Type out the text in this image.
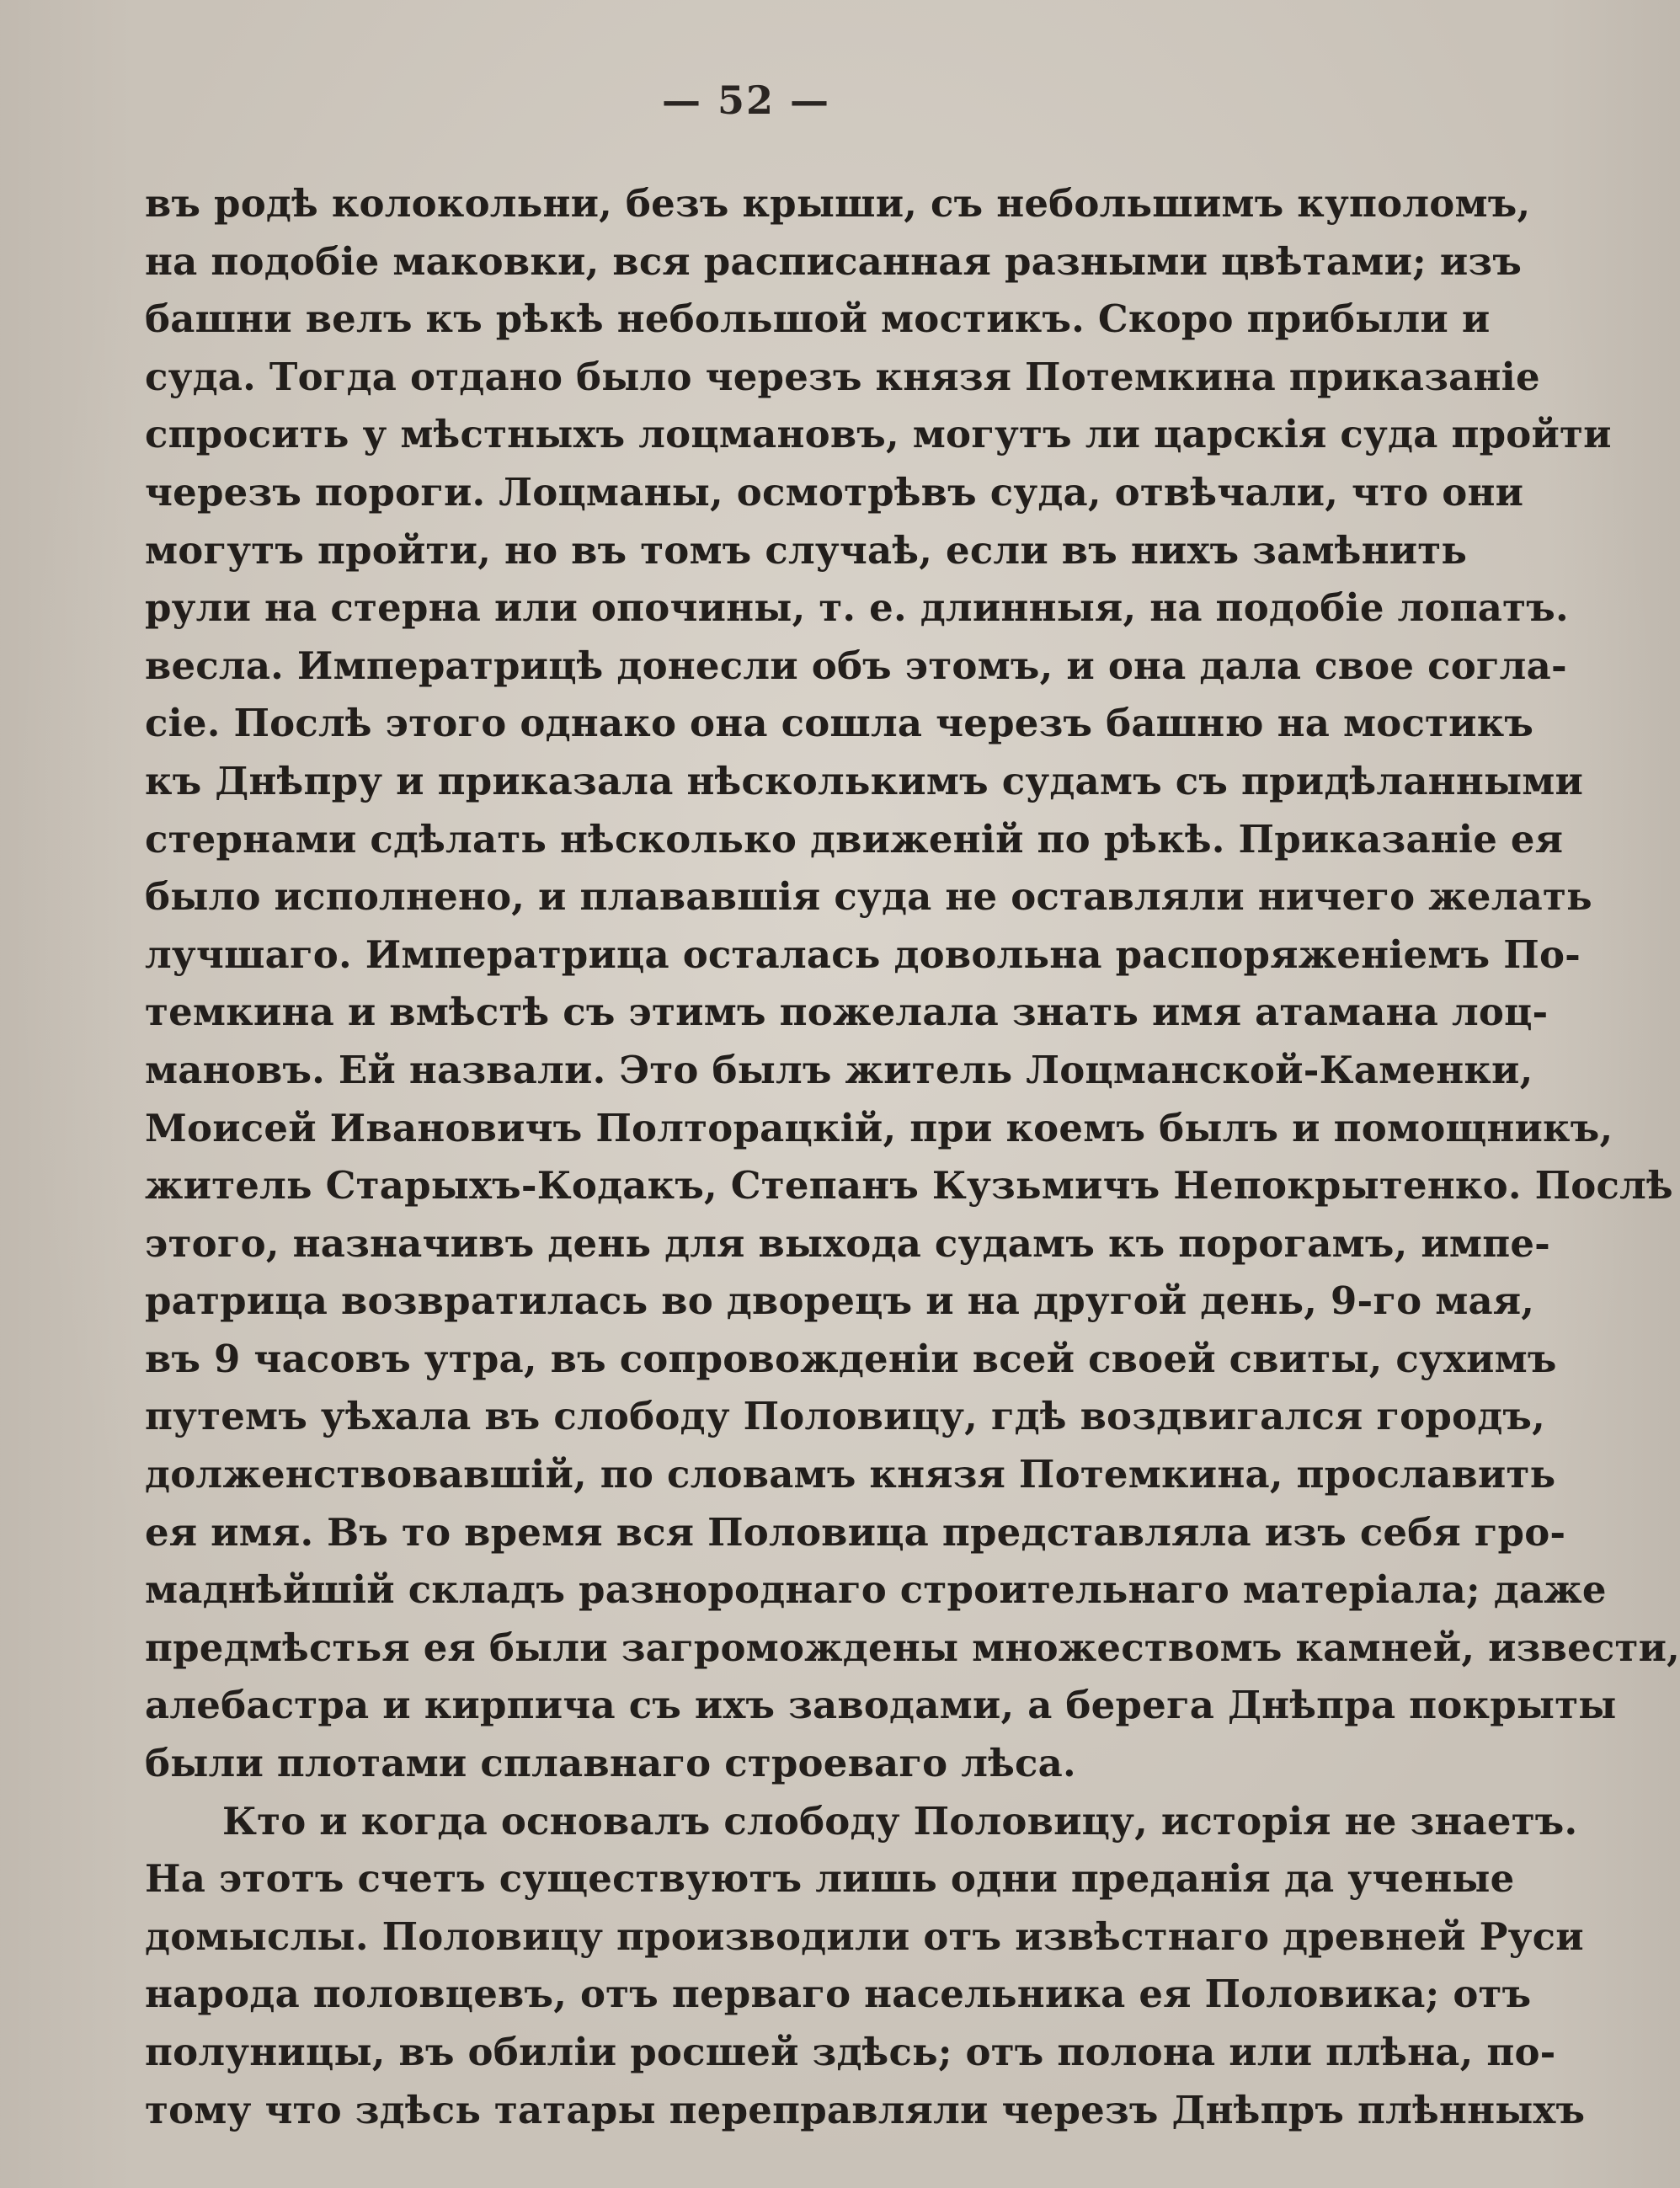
— 52 —
въ родѣ колокольни, безъ крыши, съ небольшимъ куполомъ,
на подобіе маковки, вся расписанная разными цвѣтами; изъ
башни велъ къ рѣкѣ небольшой мостикъ. Скоро прибыли и
суда. Тогда отдано было черезъ князя Потемкина приказаніе
спросить у мѣстныхъ лоцмановъ, могутъ ли царскія суда пройти
черезъ пороги. Лоцманы, осмотрѣвъ суда, отвѣчали, что они
могутъ пройти, но въ томъ случаѣ, если въ нихъ замѣнить
рули на стерна или опочины, т. е. длинныя, на подобіе лопатъ.
весла. Императрицѣ донесли объ этомъ, и она дала свое согла-
сіе. Послѣ этого однако она сошла черезъ башню на мостикъ
къ Днѣпру и приказала нѣсколькимъ судамъ съ придѣланными
стернами сдѣлать нѣсколько движеній по рѣкѣ. Приказаніе ея
было исполнено, и плававшія суда не оставляли ничего желать
лучшаго. Императрица осталась довольна распоряженіемъ По-
темкина и вмѣстѣ съ этимъ пожелала знать имя атамана лоц-
мановъ. Ей назвали. Это былъ житель Лоцманской-Каменки,
Моисей Ивановичъ Полторацкій, при коемъ былъ и помощникъ,
житель Старыхъ-Кодакъ, Степанъ Кузьмичъ Непокрытенко. Послѣ
этого, назначивъ день для выхода судамъ къ порогамъ, импе-
ратрица возвратилась во дворецъ и на другой день, 9-го мая,
въ 9 часовъ утра, въ сопровожденіи всей своей свиты, сухимъ
путемъ уѣхала въ слободу Половицу, гдѣ воздвигался городъ,
долженствовавшій, по словамъ князя Потемкина, прославить
ея имя. Въ то время вся Половица представляла изъ себя гро-
маднѣйшій складъ разнороднаго строительнаго матеріала; даже
предмѣстья ея были загромождены множествомъ камней, извести,
алебастра и кирпича съ ихъ заводами, а берега Днѣпра покрыты
были плотами сплавнаго строеваго лѣса.
Кто и когда основалъ слободу Половицу, исторія не знаетъ.
На этотъ счетъ существуютъ лишь одни преданія да ученые
домыслы. Половицу производили отъ извѣстнаго древней Руси
народа половцевъ, отъ перваго насельника ея Половика; отъ
полуницы, въ обиліи росшей здѣсь; отъ полона или плѣна, по-
тому что здѣсь татары переправляли черезъ Днѣпръ плѣнныхъ
